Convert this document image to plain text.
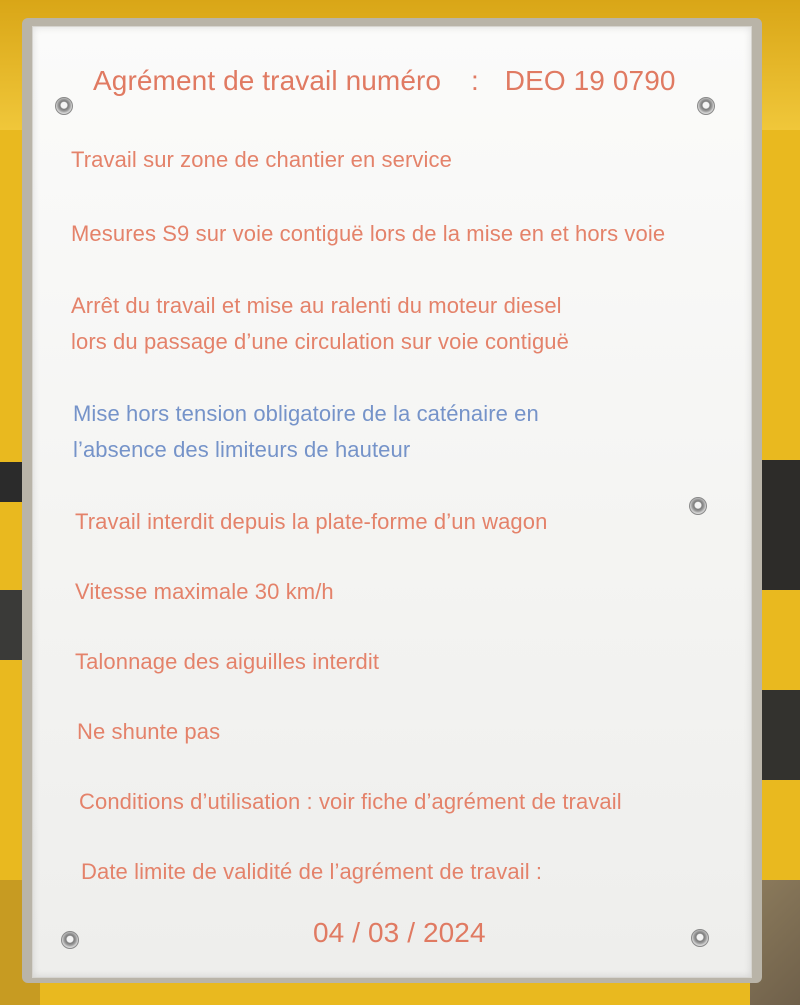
Agrément de travail numéro : DEO 19 0790

Travail sur zone de chantier en service

Mesures S9 sur voie contiguë lors de la mise en et hors voie

Arrêt du travail et mise au ralenti du moteur diesel

lors du passage d’une circulation sur voie contiguë

Mise hors tension obligatoire de la caténaire en

l’absence des limiteurs de hauteur

Travail interdit depuis la plate-forme d’un wagon

Vitesse maximale 30 km/h

Talonnage des aiguilles interdit

Ne shunte pas

Conditions d’utilisation : voir fiche d’agrément de travail

Date limite de validité de l’agrément de travail :

04 / 03 / 2024
